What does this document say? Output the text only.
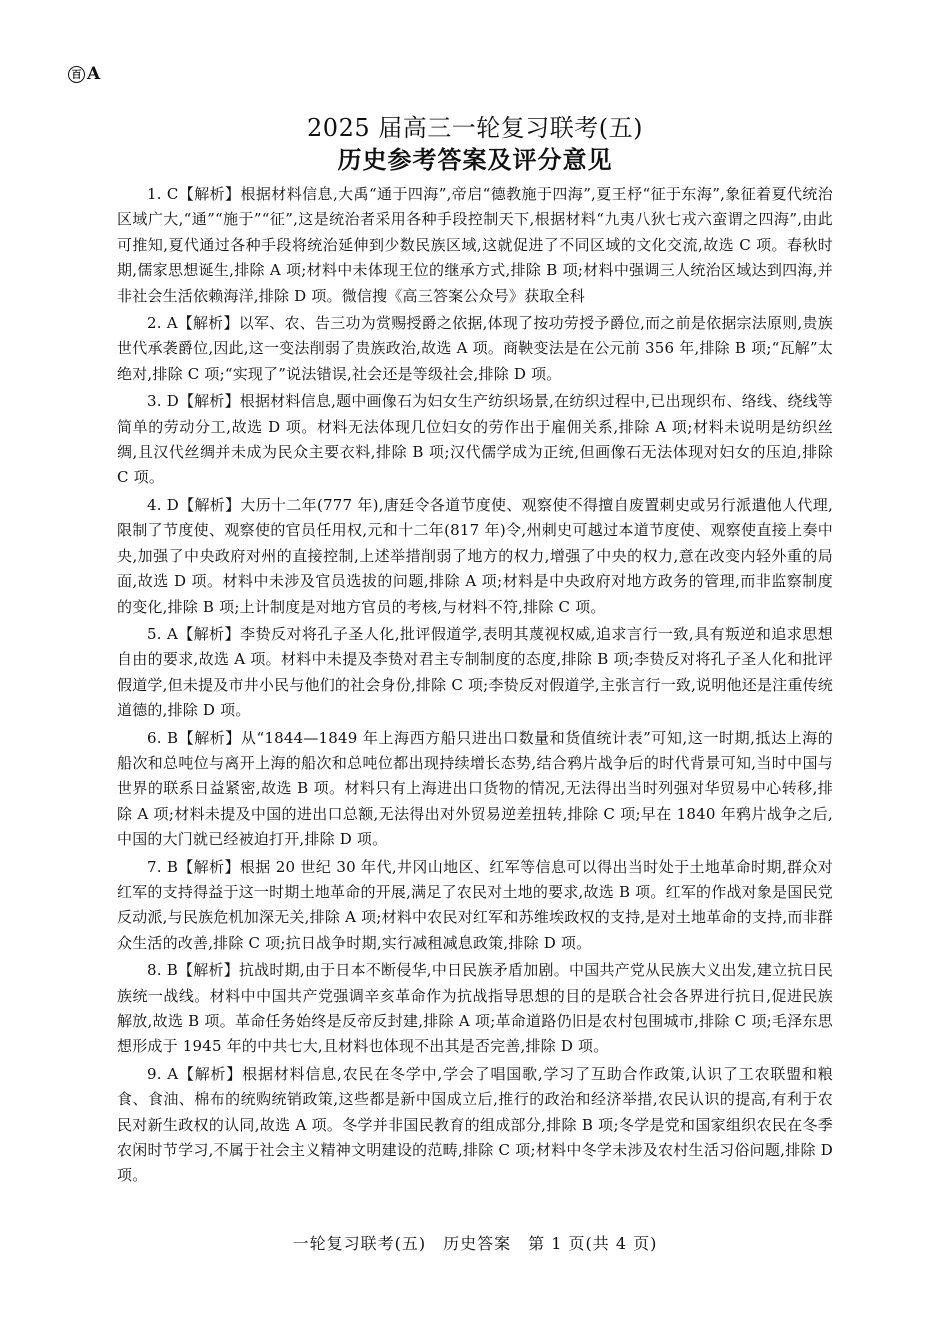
百 A
2025 届高三一轮复习联考(五)
历史参考答案及评分意见

1. C【解析】根据材料信息,大禹“通于四海”,帝启“德教施于四海”,夏王杼“征于东海”,象征着夏代统治区域广大,“通”“施于”“征”,这是统治者采用各种手段控制天下,根据材料“九夷八狄七戎六蛮谓之四海”,由此可推知,夏代通过各种手段将统治延伸到少数民族区域,这就促进了不同区域的文化交流,故选 C 项。春秋时期,儒家思想诞生,排除 A 项;材料中未体现王位的继承方式,排除 B 项;材料中强调三人统治区域达到四海,并非社会生活依赖海洋,排除 D 项。微信搜《高三答案公众号》获取全科

2. A【解析】以军、农、告三功为赏赐授爵之依据,体现了按功劳授予爵位,而之前是依据宗法原则,贵族世代承袭爵位,因此,这一变法削弱了贵族政治,故选 A 项。商鞅变法是在公元前 356 年,排除 B 项;“瓦解”太绝对,排除 C 项;“实现了”说法错误,社会还是等级社会,排除 D 项。

3. D【解析】根据材料信息,题中画像石为妇女生产纺织场景,在纺织过程中,已出现织布、络线、绕线等简单的劳动分工,故选 D 项。材料无法体现几位妇女的劳作出于雇佣关系,排除 A 项;材料未说明是纺织丝绸,且汉代丝绸并未成为民众主要衣料,排除 B 项;汉代儒学成为正统,但画像石无法体现对妇女的压迫,排除 C 项。

4. D【解析】大历十二年(777 年),唐廷令各道节度使、观察使不得擅自废置刺史或另行派遣他人代理,限制了节度使、观察使的官员任用权,元和十二年(817 年)令,州刺史可越过本道节度使、观察使直接上奏中央,加强了中央政府对州的直接控制,上述举措削弱了地方的权力,增强了中央的权力,意在改变内轻外重的局面,故选 D 项。材料中未涉及官员选拔的问题,排除 A 项;材料是中央政府对地方政务的管理,而非监察制度的变化,排除 B 项;上计制度是对地方官员的考核,与材料不符,排除 C 项。

5. A【解析】李贽反对将孔子圣人化,批评假道学,表明其蔑视权威,追求言行一致,具有叛逆和追求思想自由的要求,故选 A 项。材料中未提及李贽对君主专制制度的态度,排除 B 项;李贽反对将孔子圣人化和批评假道学,但未提及市井小民与他们的社会身份,排除 C 项;李贽反对假道学,主张言行一致,说明他还是注重传统道德的,排除 D 项。

6. B【解析】从“1844—1849 年上海西方船只进出口数量和货值统计表”可知,这一时期,抵达上海的船次和总吨位与离开上海的船次和总吨位都出现持续增长态势,结合鸦片战争后的时代背景可知,当时中国与世界的联系日益紧密,故选 B 项。材料只有上海进出口货物的情况,无法得出当时列强对华贸易中心转移,排除 A 项;材料未提及中国的进出口总额,无法得出对外贸易逆差扭转,排除 C 项;早在 1840 年鸦片战争之后,中国的大门就已经被迫打开,排除 D 项。

7. B【解析】根据 20 世纪 30 年代,井冈山地区、红军等信息可以得出当时处于土地革命时期,群众对红军的支持得益于这一时期土地革命的开展,满足了农民对土地的要求,故选 B 项。红军的作战对象是国民党反动派,与民族危机加深无关,排除 A 项;材料中农民对红军和苏维埃政权的支持,是对土地革命的支持,而非群众生活的改善,排除 C 项;抗日战争时期,实行减租减息政策,排除 D 项。

8. B【解析】抗战时期,由于日本不断侵华,中日民族矛盾加剧。中国共产党从民族大义出发,建立抗日民族统一战线。材料中中国共产党强调辛亥革命作为抗战指导思想的目的是联合社会各界进行抗日,促进民族解放,故选 B 项。革命任务始终是反帝反封建,排除 A 项;革命道路仍旧是农村包围城市,排除 C 项;毛泽东思想形成于 1945 年的中共七大,且材料也体现不出其是否完善,排除 D 项。

9. A【解析】根据材料信息,农民在冬学中,学会了唱国歌,学习了互助合作政策,认识了工农联盟和粮食、食油、棉布的统购统销政策,这些都是新中国成立后,推行的政治和经济举措,农民认识的提高,有利于农民对新生政权的认同,故选 A 项。冬学并非国民教育的组成部分,排除 B 项;冬学是党和国家组织农民在冬季农闲时节学习,不属于社会主义精神文明建设的范畴,排除 C 项;材料中冬学未涉及农村生活习俗问题,排除 D 项。

一轮复习联考(五)　历史答案　第 1 页(共 4 页)
